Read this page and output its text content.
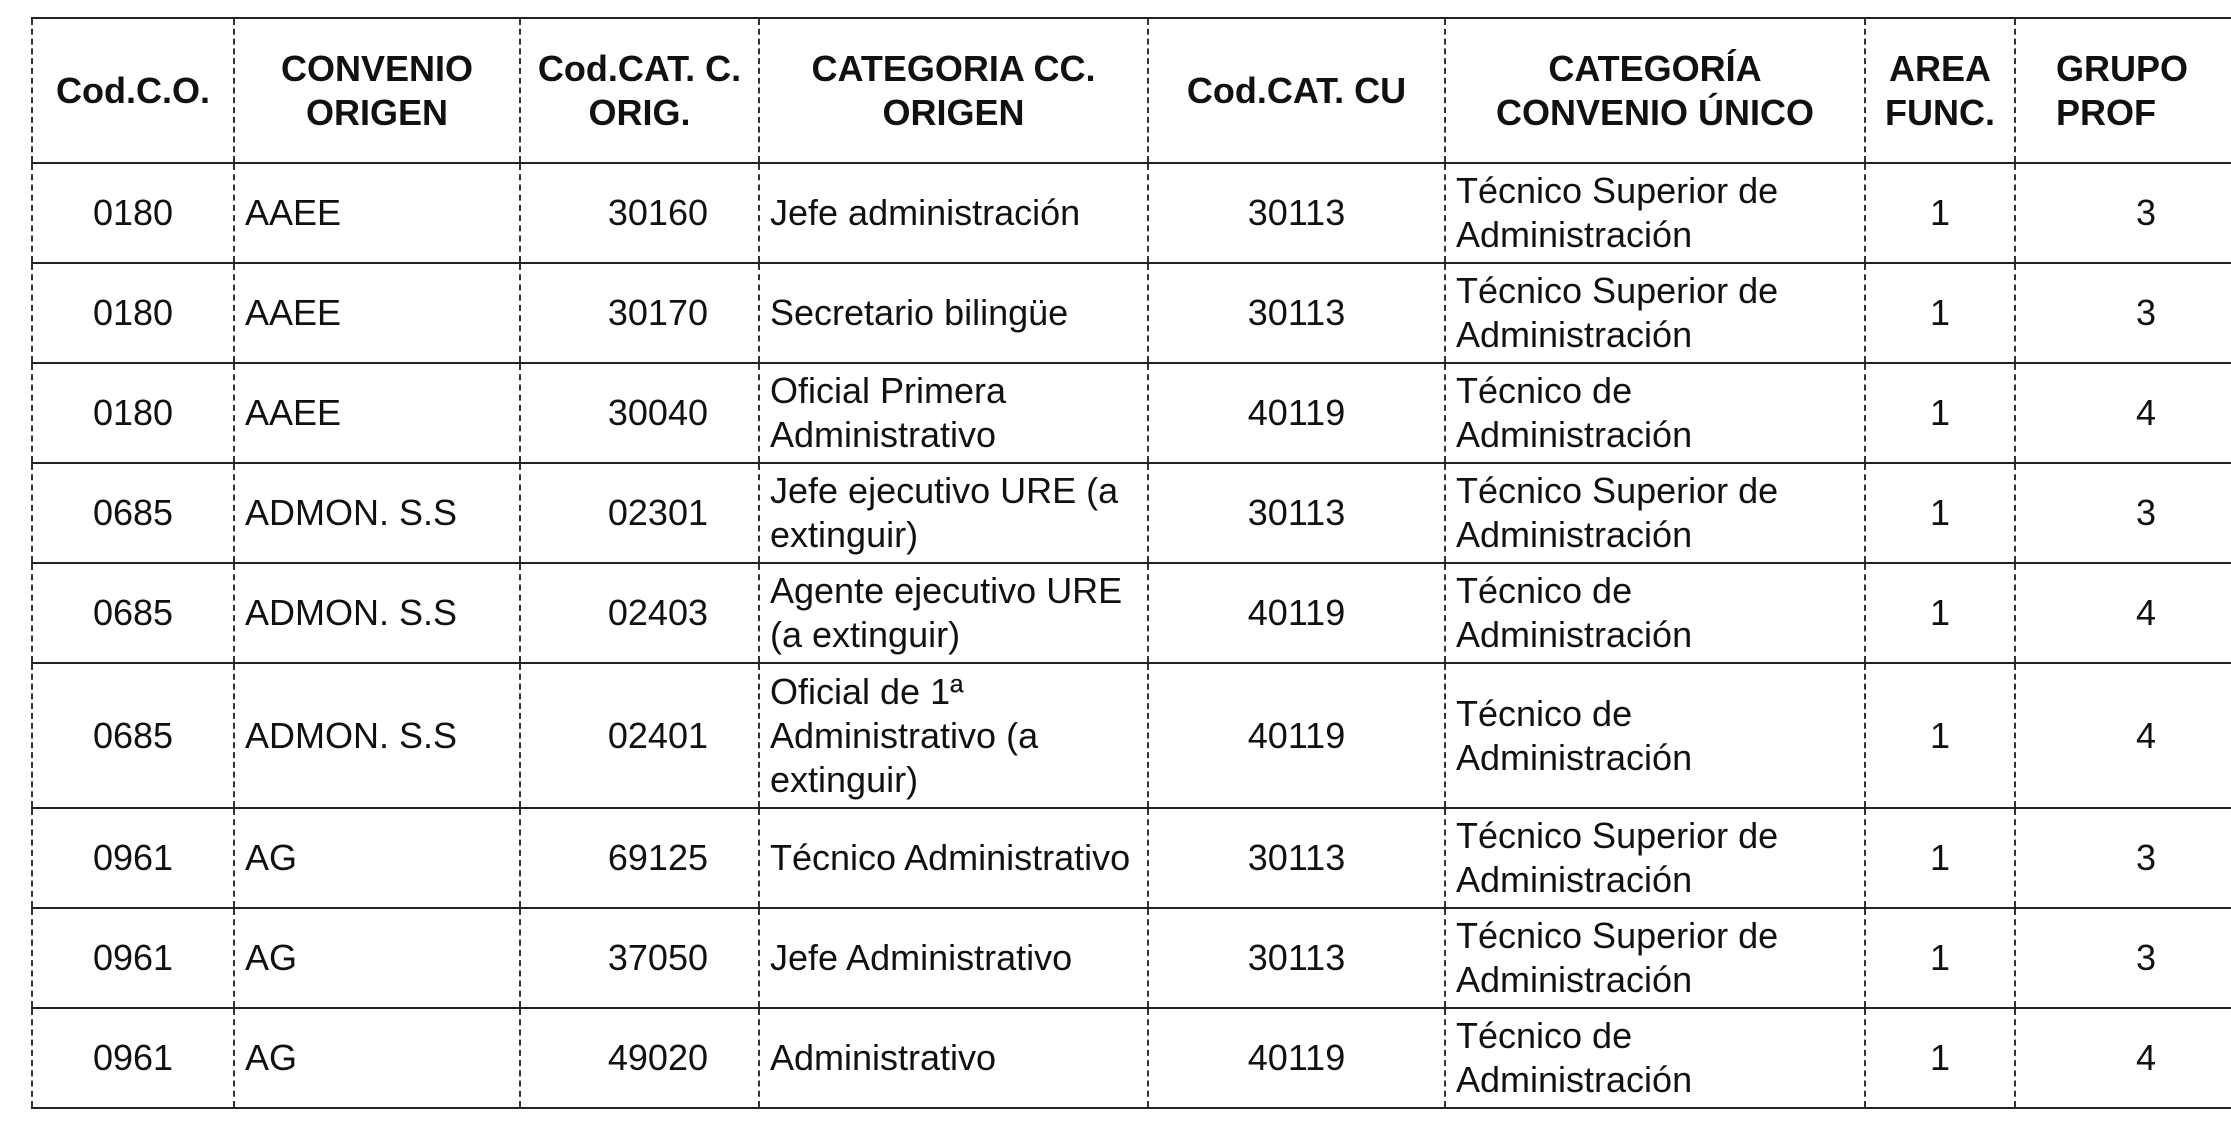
Cod.C.O.	CONVENIO ORIGEN	Cod.CAT. C. ORIG.	CATEGORIA CC. ORIGEN	Cod.CAT. CU	CATEGORÍA CONVENIO ÚNICO	AREA FUNC.	GRUPO PROF
0180	AAEE	30160	Jefe administración	30113	Técnico Superior de Administración	1	3
0180	AAEE	30170	Secretario bilingüe	30113	Técnico Superior de Administración	1	3
0180	AAEE	30040	Oficial Primera Administrativo	40119	Técnico de Administración	1	4
0685	ADMON. S.S	02301	Jefe ejecutivo URE (a extinguir)	30113	Técnico Superior de Administración	1	3
0685	ADMON. S.S	02403	Agente ejecutivo URE (a extinguir)	40119	Técnico de Administración	1	4
0685	ADMON. S.S	02401	Oficial de 1ª Administrativo (a extinguir)	40119	Técnico de Administración	1	4
0961	AG	69125	Técnico Administrativo	30113	Técnico Superior de Administración	1	3
0961	AG	37050	Jefe Administrativo	30113	Técnico Superior de Administración	1	3
0961	AG	49020	Administrativo	40119	Técnico de Administración	1	4
